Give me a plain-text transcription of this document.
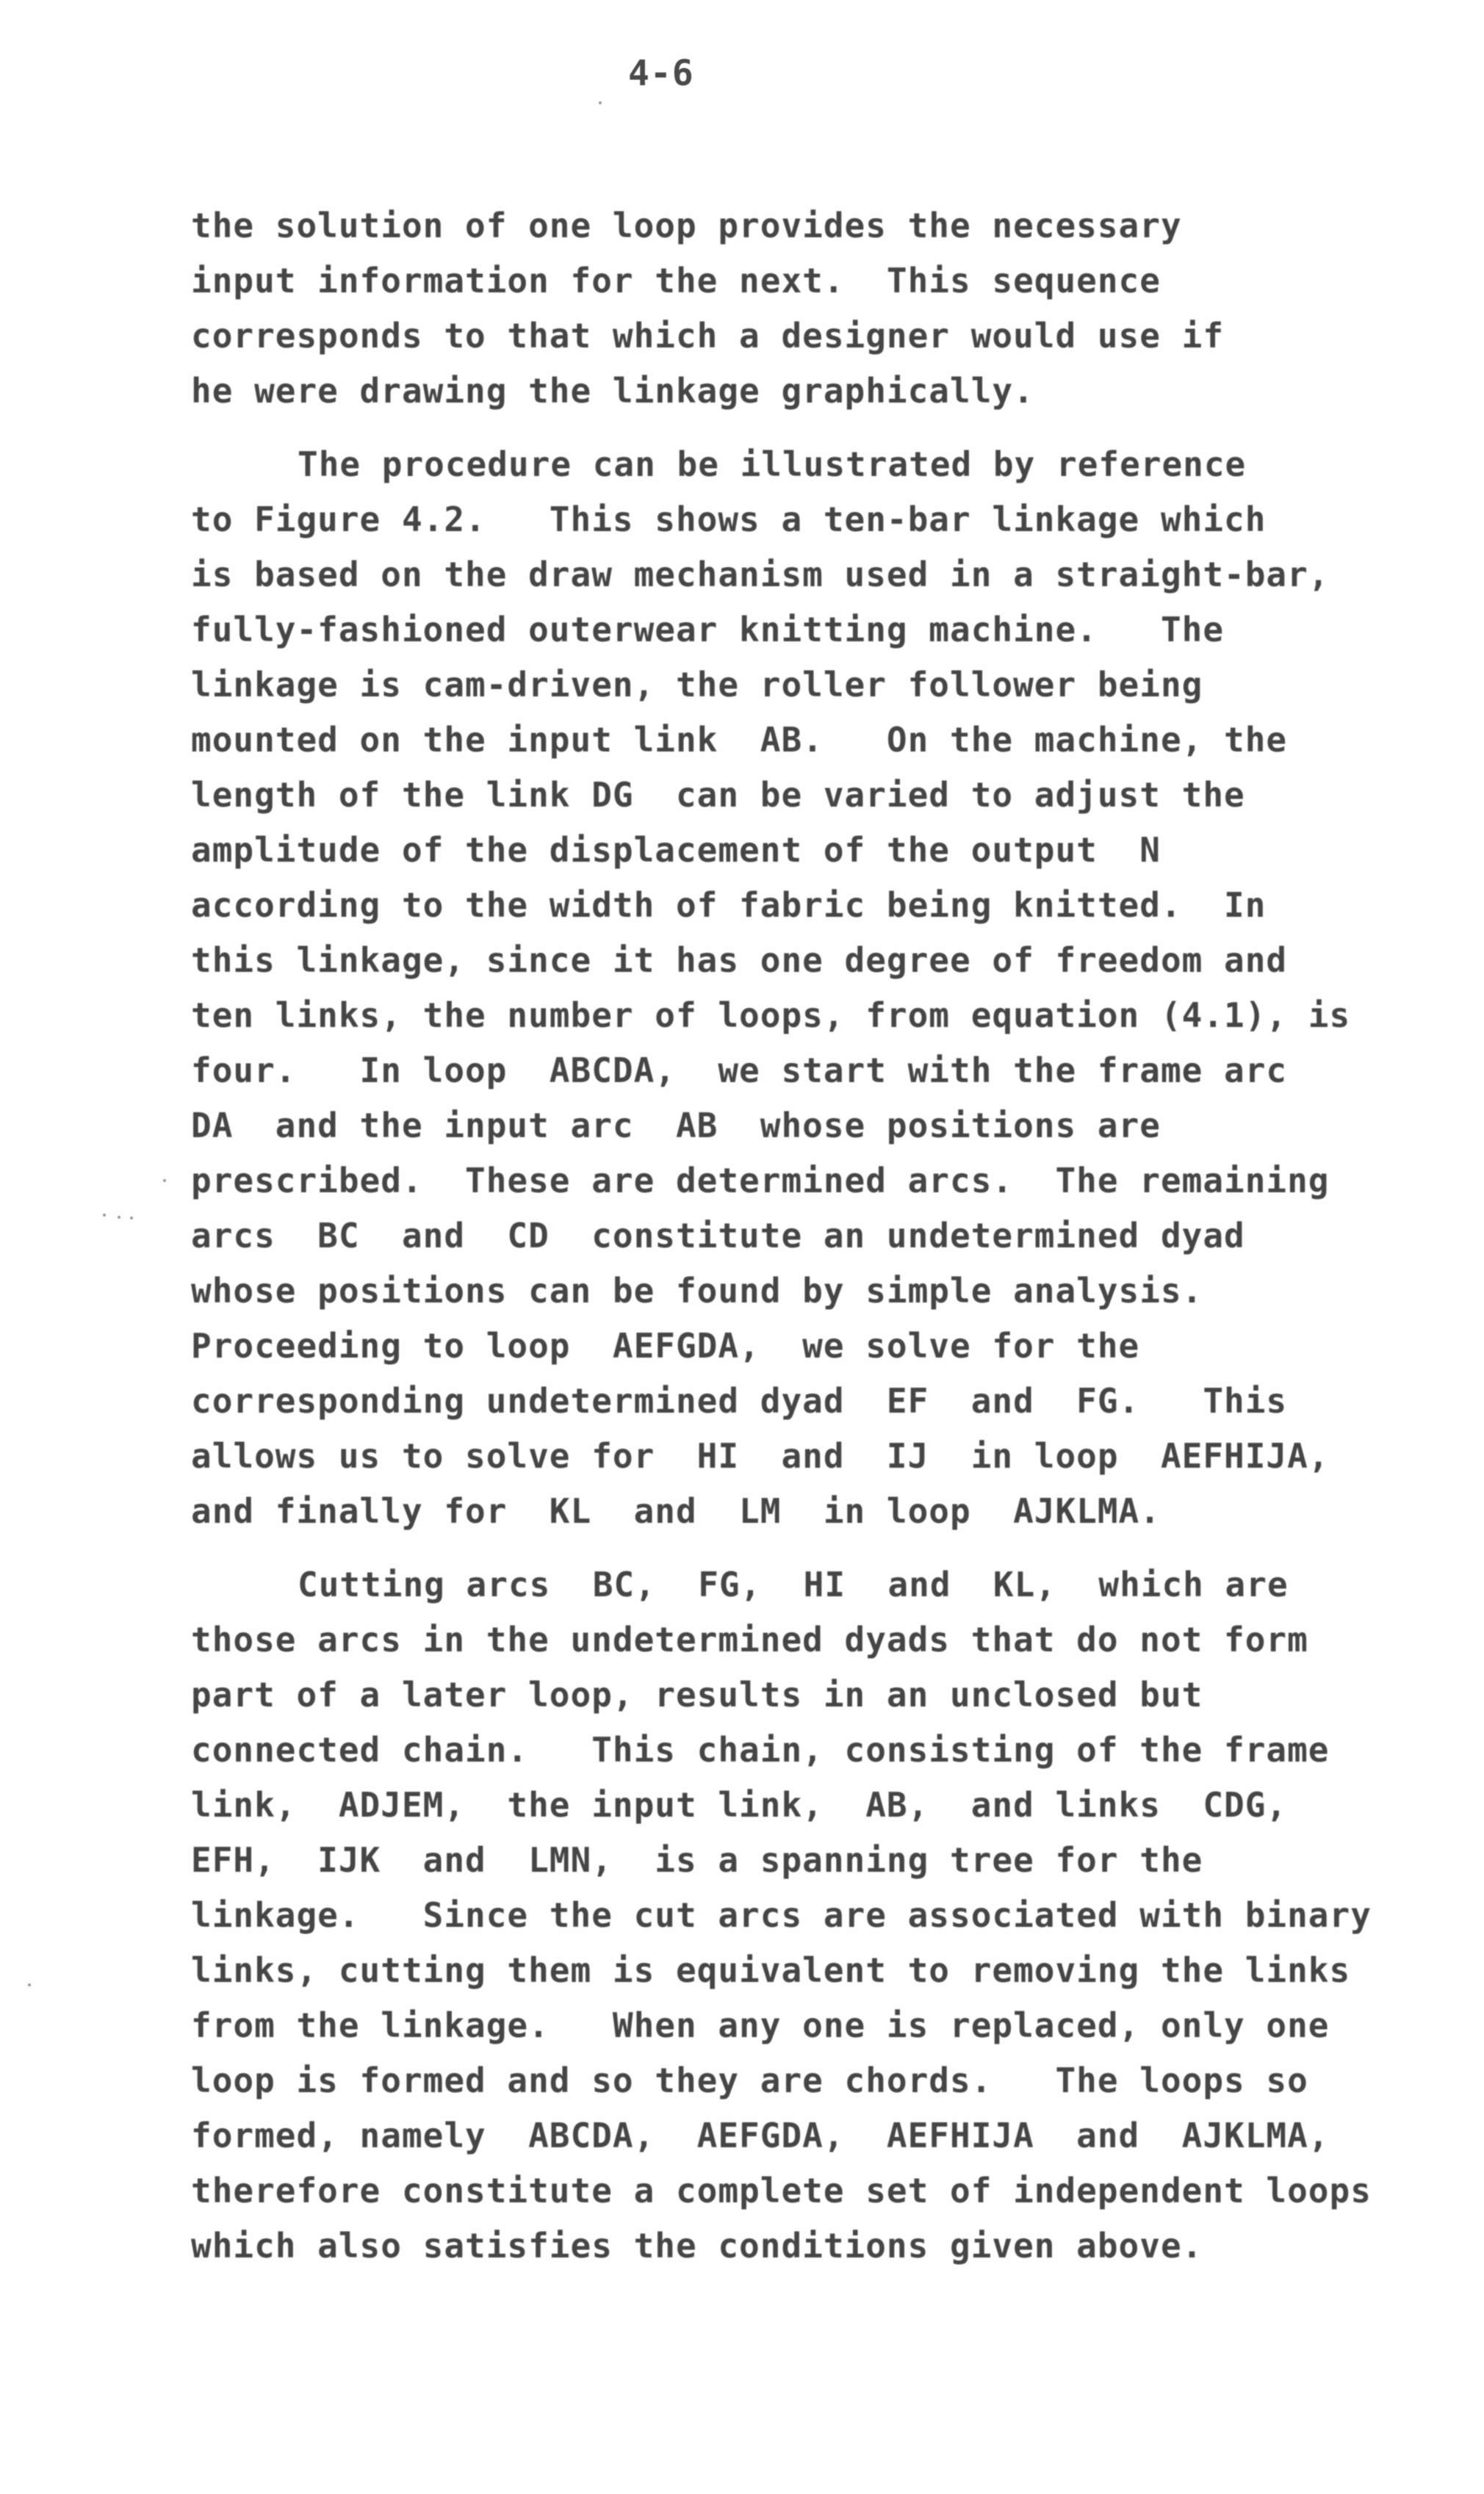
4-6
the solution of one loop provides the necessary
input information for the next.  This sequence
corresponds to that which a designer would use if
he were drawing the linkage graphically.
The procedure can be illustrated by reference
to Figure 4.2.   This shows a ten-bar linkage which
is based on the draw mechanism used in a straight-bar,
fully-fashioned outerwear knitting machine.   The
linkage is cam-driven, the roller follower being
mounted on the input link  AB.   On the machine, the
length of the link DG  can be varied to adjust the
amplitude of the displacement of the output  N
according to the width of fabric being knitted.  In
this linkage, since it has one degree of freedom and
ten links, the number of loops, from equation (4.1), is
four.   In loop  ABCDA,  we start with the frame arc
DA  and the input arc  AB  whose positions are
prescribed.  These are determined arcs.  The remaining
arcs  BC  and  CD  constitute an undetermined dyad
whose positions can be found by simple analysis.
Proceeding to loop  AEFGDA,  we solve for the
corresponding undetermined dyad  EF  and  FG.   This
allows us to solve for  HI  and  IJ  in loop  AEFHIJA,
and finally for  KL  and  LM  in loop  AJKLMA.
Cutting arcs  BC,  FG,  HI  and  KL,  which are
those arcs in the undetermined dyads that do not form
part of a later loop, results in an unclosed but
connected chain.   This chain, consisting of the frame
link,  ADJEM,  the input link,  AB,  and links  CDG,
EFH,  IJK  and  LMN,  is a spanning tree for the
linkage.   Since the cut arcs are associated with binary
links, cutting them is equivalent to removing the links
from the linkage.   When any one is replaced, only one
loop is formed and so they are chords.   The loops so
formed, namely  ABCDA,  AEFGDA,  AEFHIJA  and  AJKLMA,
therefore constitute a complete set of independent loops
which also satisfies the conditions given above.
